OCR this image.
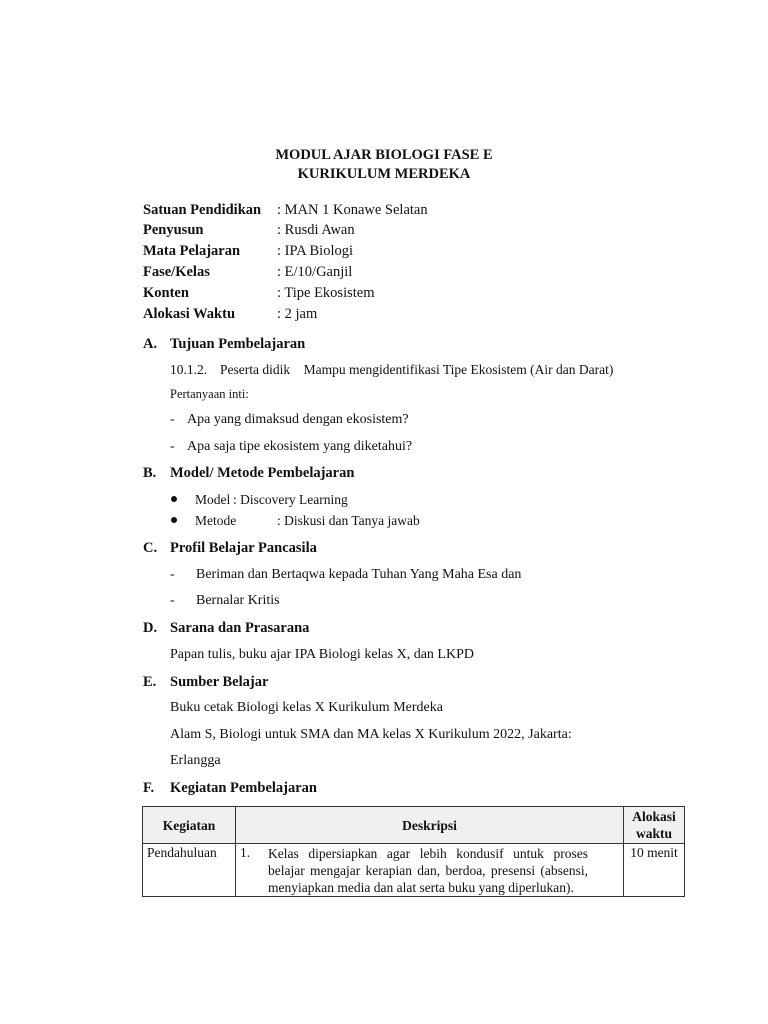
MODUL AJAR BIOLOGI FASE E
KURIKULUM MERDEKA
Satuan Pendidikan : MAN 1 Konawe Selatan
Penyusun	: Rusdi Awan
Mata Pelajaran	: IPA Biologi
Fase/Kelas	: E/10/Ganjil
Konten	: Tipe Ekosistem
Alokasi Waktu	: 2 jam
A. Tujuan Pembelajaran
10.1.2. Peserta didik    Mampu mengidentifikasi Tipe Ekosistem (Air dan Darat)
Pertanyaan inti:
- Apa yang dimaksud dengan ekosistem?
- Apa saja tipe ekosistem yang diketahui?
B. Model/ Metode Pembelajaran
Model : Discovery Learning
Metode	: Diskusi dan Tanya jawab
C. Profil Belajar Pancasila
- Beriman dan Bertaqwa kepada Tuhan Yang Maha Esa dan
- Bernalar Kritis
D. Sarana dan Prasarana
Papan tulis, buku ajar IPA Biologi kelas X, dan LKPD
E. Sumber Belajar
Buku cetak Biologi kelas X Kurikulum Merdeka
Alam S, Biologi untuk SMA dan MA kelas X Kurikulum 2022, Jakarta:
Erlangga
F. Kegiatan Pembelajaran
Kegiatan	Deskripsi	Alokasi
waktu

Pendahuluan	1. Kelas dipersiapkan agar lebih kondusif untuk proses belajar mengajar kerapian dan, berdoa, presensi (absensi, menyiapkan media dan alat serta buku yang diperlukan).	10 menit
